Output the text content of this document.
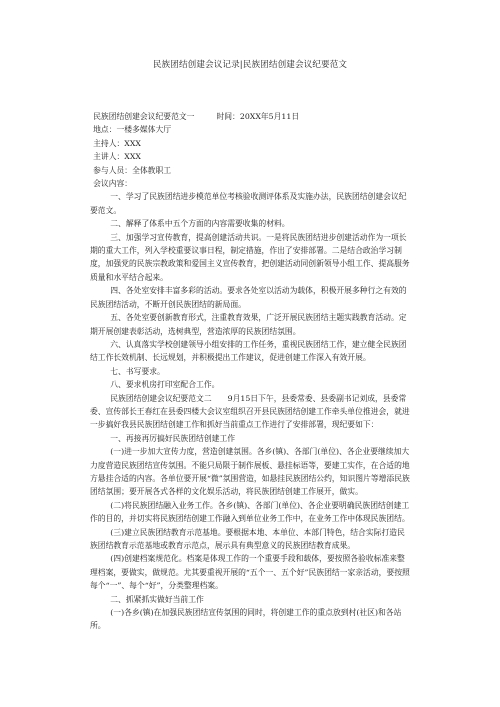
民族团结创建会议记录|民族团结创建会议纪要范文

民族团结创建会议纪要范文一	时间：20XX年5月11日

地点：一楼多媒体大厅

主持人：XXX

主讲人：XXX

参与人员：全体教职工

会议内容：

一、学习了民族团结进步模范单位考核验收测评体系及实施办法，民族团结创建会议纪要范文。

二、解释了体系中五个方面的内容需要收集的材料。

三、加强学习宣传教育，提高创建活动共识。一是将民族团结进步创建活动作为一项长期的重大工作，列入学校重要议事日程，制定措施，作出了安排部署。二是结合政治学习制度，加强党的民族宗教政策和爱国主义宣传教育，把创建活动同创新领导小组工作、提高服务质量和水平结合起来。

四、各处室安排丰富多彩的活动。要求各处室以活动为载体，积极开展多种行之有效的民族团结活动，不断开创民族团结的新局面。

五、各处室要创新教育形式，注重教育效果，广泛开展民族团结主题实践教育活动。定期开展创建表彰活动，选树典型，营造浓厚的民族团结氛围。

六、认真落实学校创建领导小组安排的工作任务，重视民族团结工作，建立健全民族团结工作长效机制、长远规划，并积极提出工作建议，促进创建工作深入有效开展。

七、书写要求。

八、要求机房打印室配合工作。

民族团结创建会议纪要范文二 9月15日下午，县委常委、县委副书记刘成，县委常委、宣传部长王春红在县委四楼大会议室组织召开县民族团结创建工作牵头单位推进会，就进一步搞好我县民族团结创建工作和抓好当前重点工作进行了安排部署，现纪要如下：

一、再接再厉搞好民族团结创建工作

(一)进一步加大宣传力度，营造创建氛围。各乡(镇)、各部门(单位)、各企业要继续加大力度营造民族团结宣传氛围。不能只局限于制作展板、悬挂标语等，要建工实作，在合适的地方悬挂合适的内容。各单位要开展“微”氛围营造，如悬挂民族团结公约，知识图片等增添民族团结氛围；要开展各式各样的文化娱乐活动，将民族团结创建工作展开，做实。

(二)将民族团结融入业务工作。各乡(镇)、各部门(单位)、各企业要明确民族团结创建工作的目的，并切实将民族团结创建工作融入到单位业务工作中，在业务工作中体现民族团结。

(三)建立民族团结教育示范基地。要根据本地、本单位、本部门特色，结合实际打造民族团结教育示范基地或教育示范点，展示具有典型意义的民族团结教育成果。

(四)创建档案规范化。档案是体现工作的一个重要手段和载体，要按照各验收标准来整理档案，要做实，做规范。尤其要重视开展的“五个一、五个好”民族团结一家亲活动，要按照每个“一”、每个“好”，分类整理档案。

二、抓紧抓实做好当前工作

(一)各乡(镇)在加强民族团结宣传氛围的同时，将创建工作的重点放到村(社区)和各站所。
